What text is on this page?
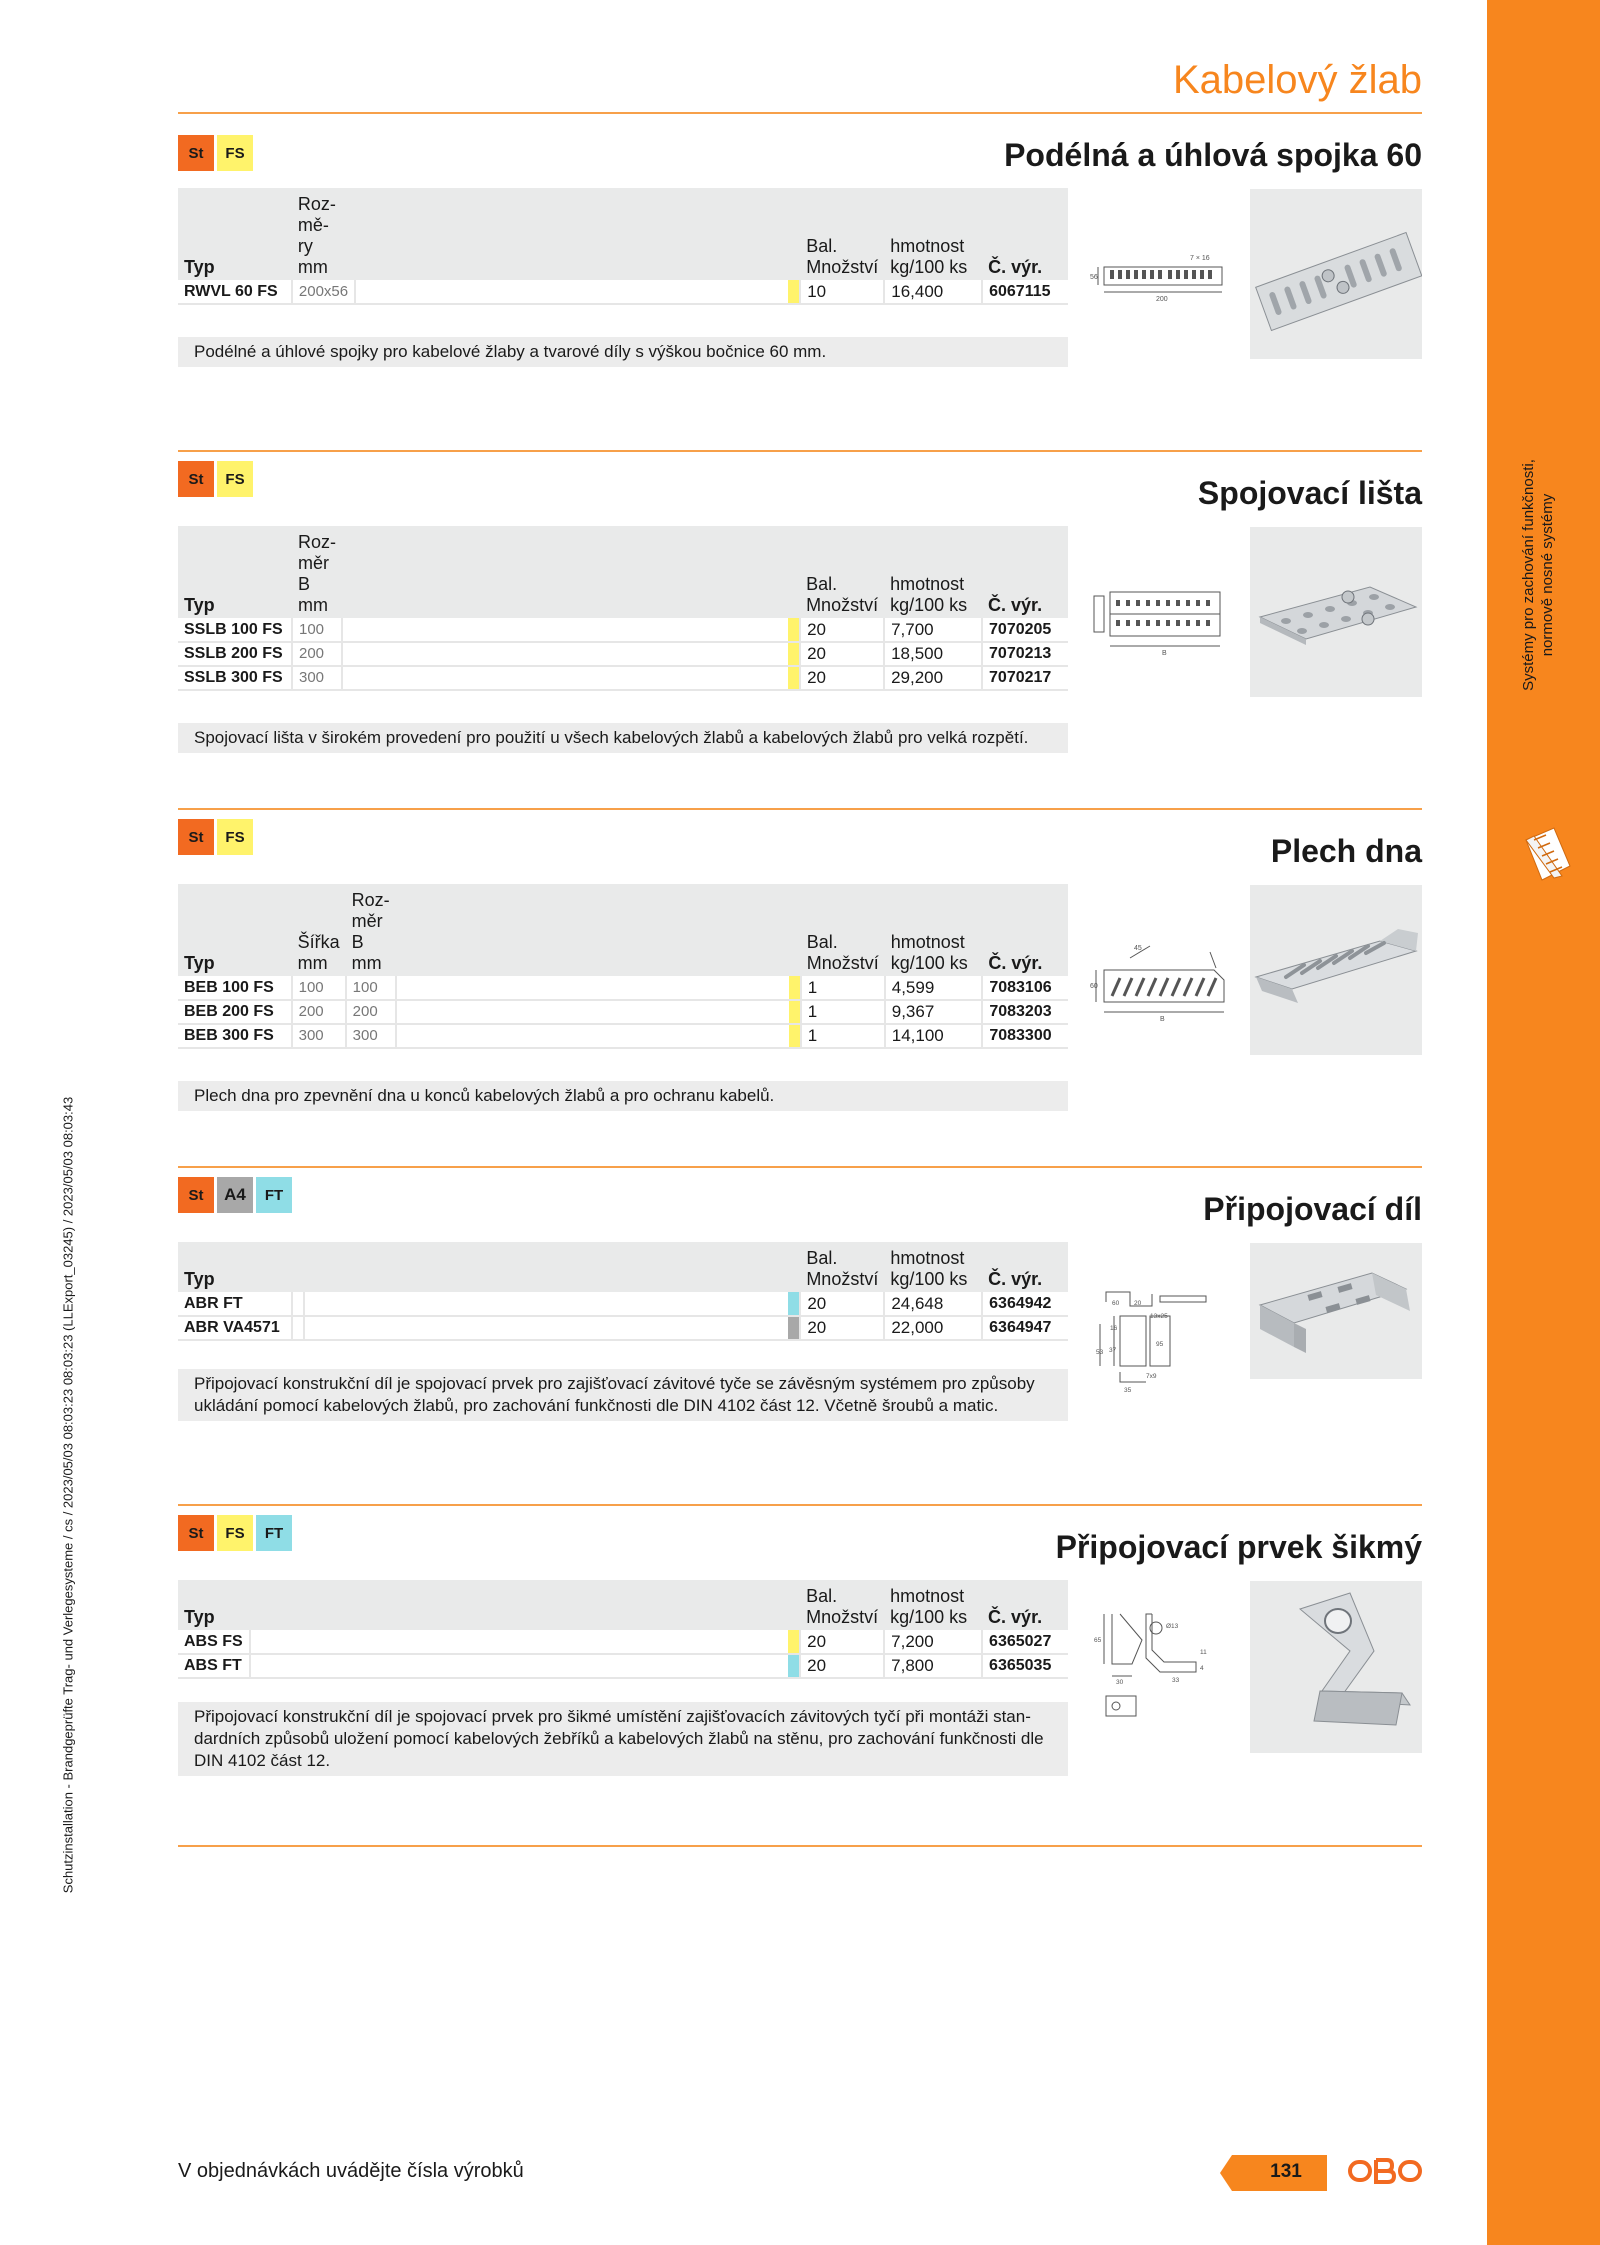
Systémy pro zachování funkčnosti, normově nosné systémy
Schutzinstallation - Brandgeprüfte Trag- und Verlegesysteme / cs / 2023/05/03 08:03:23 08:03:23 (LLExport_03245) / 2023/05/03 08:03:43
Kabelový žlab
St	FS	Podélná a úhlová spojka 60
Typ	Roz-
mě-
ry
mm			Bal.
Množství	hmotnost
kg/100 ks	Č. výr.
RWVL 60 FS	200x56			10	16,400	6067115
Podélné a úhlové spojky pro kabelové žlaby a tvarové díly s výškou bočnice 60 mm.
7 × 16
56
200
St	FS	Spojovací lišta
Typ	Roz-
měr
B
mm			Bal.
Množství	hmotnost
kg/100 ks	Č. výr.
SSLB 100 FS	100			20	7,700	7070205
SSLB 200 FS	200			20	18,500	7070213
SSLB 300 FS	300			20	29,200	7070217
Spojovací lišta v širokém provedení pro použití u všech kabelových žlabů a kabelových žlabů pro velká rozpětí.
B
St	FS	Plech dna
Typ	Šířka
mm	Roz-
měr
B
mm			Bal.
Množství	hmotnost
kg/100 ks	Č. výr.
BEB 100 FS	100	100			1	4,599	7083106
BEB 200 FS	200	200			1	9,367	7083203
BEB 300 FS	300	300			1	14,100	7083300
Plech dna pro zpevnění dna u konců kabelových žlabů a pro ochranu kabelů.
B
60
45
St	A4	FT	Připojovací díl
Typ				Bal.
Množství	hmotnost
kg/100 ks	Č. výr.
ABR FT				20	24,648	6364942
ABR VA4571				20	22,000	6364947
Připojovací konstrukční díl je spojovací prvek pro zajišťovací závitové tyče se závěsným systémem pro způsoby ukládání pomocí kabelových žlabů, pro zachování funkčnosti dle DIN 4102 část 12. Včetně šroubů a matic.
60 20
13x25
16
37
53
95
7x9
35
St	FS	FT	Připojovací prvek šikmý
Typ			Bal.
Množství	hmotnost
kg/100 ks	Č. výr.
ABS FS			20	7,200	6365027
ABS FT			20	7,800	6365035
Připojovací konstrukční díl je spojovací prvek pro šikmé umístění zajišťovacích závitových tyčí při montáži stan-
dardních způsobů uložení pomocí kabelových žebříků a kabelových žlabů na stěnu, pro zachování funkčnosti dle
DIN 4102 část 12.
65
Ø13
30	33
4
11
V objednávkách uvádějte čísla výrobků	131
